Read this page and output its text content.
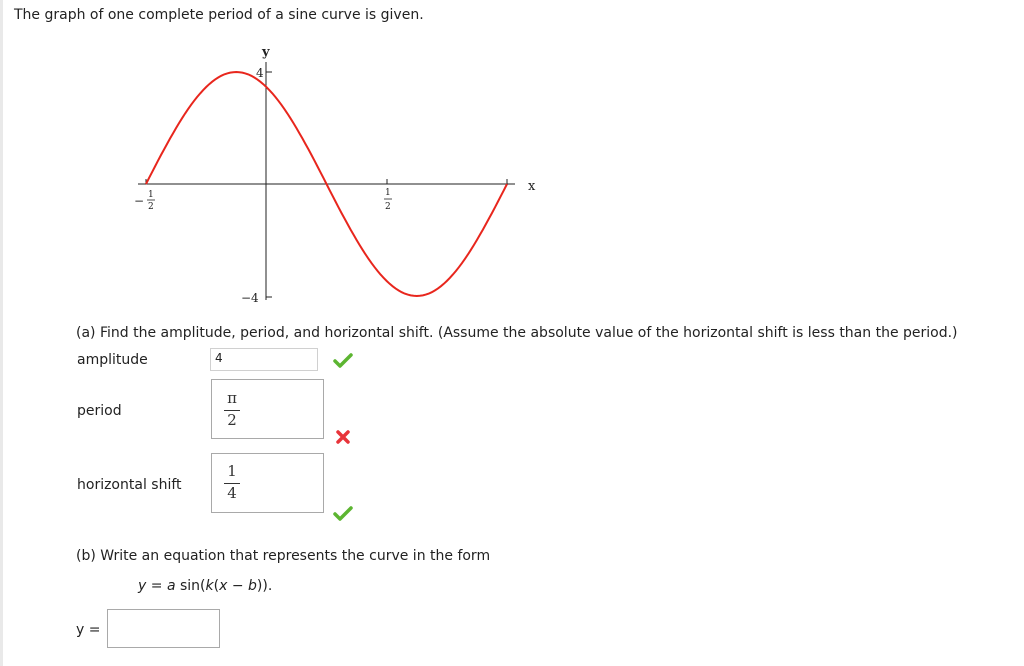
The graph of one complete period of a sine curve is given.
y
x
4
−4
− 1
2
1
2
(a) Find the amplitude, period, and horizontal shift. (Assume the absolute value of the horizontal shift is less than the period.)
amplitude	4
period
π
2
horizontal shift
1
4
(b) Write an equation that represents the curve in the form
y = a sin(k(x − b)).
y =
